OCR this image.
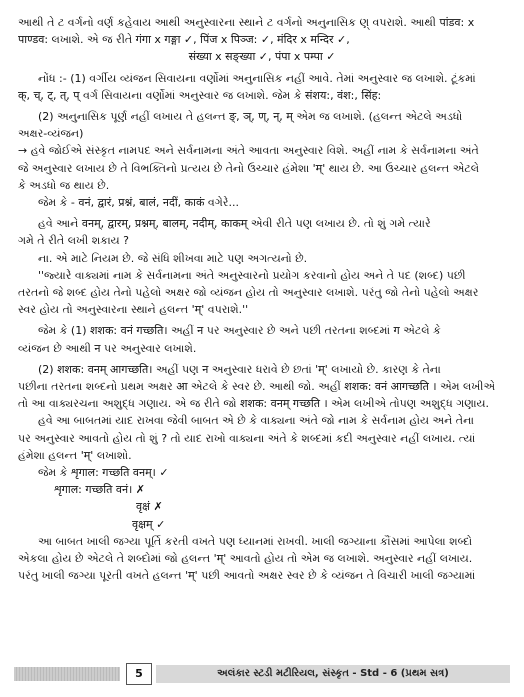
આથી તે ટ વર્ગનો વર્ણ કહેવાય આથી અનુસ્વારના સ્થાને ટ વર્ગનો અનુનાસિક ણ્ વપરાશે. આથી पांडव: x
पाण्डव: લખાશે. એ જ રીતે गंगा x गङ्गा ✓, पिंज x पिञ्ज: ✓, मंदिर x मन्दिर ✓,
संख्या x सङ्ख्या ✓, पंपा x पम्पा ✓
નોંધ :- (1) વર્ગીય વ્યંજન સિવાયના વર્ણોમાં અનુનાસિક નહીં આવે. તેમાં અનુસ્વાર જ લખાશે. ટૂંકમાં
क्, च्, ट्, त्, प् વર્ગ સિવાયના વર્ણોમાં અનુસ્વાર જ લખાશે. જેમ કે संशय:, वंश:, सिंह:
(2) અનુનાસિક પૂર્ણ નહીં લખાય તે હલન્ત ङ्, ञ्, ण्, न्, म् એમ જ લખાશે. (હલન્ત એટલે અડધો
અક્ષર-વ્યંજન)
→ હવે જોઈએ સંસ્કૃત નામપદ અને સર્વનામના અંતે આવતા અનુસ્વાર વિશે. અહીં નામ કે સર્વનામના અંતે
જે અનુસ્વાર લખાય છે તે વિભક્તિનો પ્રત્યય છે તેનો ઉચ્ચાર હંમેશા 'म्' થાય છે. આ ઉચ્ચાર હલન્ત એટલે
કે અડધો જ થાય છે.
જેમ કે - वनं, द्वारं, प्रश्नं, बालं, नदीं, काकं વગેરે...
હવે આને वनम्, द्वारम्, प्रश्नम्, बालम्, नदीम्, काकम् એવી રીતે પણ લખાય છે. તો શું ગમે ત્યારે
ગમે તે રીતે લખી શકાય ?
ના. એ માટે નિયમ છે. જે સંધિ શીખવા માટે પણ અગત્યનો છે.
''જ્યારે વાક્યમાં નામ કે સર્વનામના અંતે અનુસ્વારનો પ્રયોગ કરવાનો હોય અને તે પદ (શબ્દ) પછી
તરતનો જે શબ્દ હોય તેનો પહેલો અક્ષર જો વ્યંજન હોય તો અનુસ્વાર લખાશે. પરંતુ જો તેનો પહેલો અક્ષર
સ્વર હોય તો અનુસ્વારના સ્થાને હલન્ત 'म्' વપરાશે.''
જેમ કે (1) शशक: वनं गच्छति। અહીં न પર અનુસ્વાર છે અને પછી તરતના શબ્દમાં ग એટલે કે
વ્યંજન છે આથી न પર અનુસ્વાર લખાશે.
(2) शशक: वनम् आगच्छति। અહીં પણ न અનુસ્વાર ધરાવે છે છતાં 'म्' લખાયો છે. કારણ કે તેના
પછીના તરતના શબ્દનો પ્રથમ અક્ષર आ એટલે કે સ્વર છે. આથી જો. અહીં शशक: वनं आगच्छति । એમ લખીએ
તો આ વાક્યરચના અશુદ્ધ ગણાય. એ જ રીતે જો शशक: वनम् गच्छति । એમ લખીએ તોપણ અશુદ્ધ ગણાય.
હવે આ બાબતમાં યાદ રાખવા જેવી બાબત એ છે કે વાક્યના અંતે જો નામ કે સર્વનામ હોય અને તેના
પર અનુસ્વાર આવતો હોય તો શું ? તો યાદ રાખો વાક્યના અંતે કે શબ્દમાં કદી અનુસ્વાર નહીં લખાય. ત્યાં
હંમેશા હલન્ત 'म्' લખાશો.
જેમ કે शृगाल: गच्छति वनम्। ✓
शृगाल: गच्छति वनं। ✗
वृक्षं ✗
वृक्षम् ✓
આ બાબત ખાલી જગ્યા પૂર્તિ કરતી વખતે પણ ધ્યાનમાં રાખવી. ખાલી જગ્યાના કૌંસમાં આપેલા શબ્દો
એકલા હોય છે એટલે તે શબ્દોમાં જો હલન્ત 'म्' આવતો હોય તો એમ જ લખાશે. અનુસ્વાર નહીં લખાય.
પરંતુ ખાલી જગ્યા પૂરતી વખતે હલન્ત 'म्' પછી આવતો અક્ષર સ્વર છે કે વ્યંજન તે વિચારી ખાલી જગ્યામાં
5	અલંકાર સ્ટડી મટીરિયલ, સંસ્કૃત - Std - 6 (પ્રથમ સત્ર)
